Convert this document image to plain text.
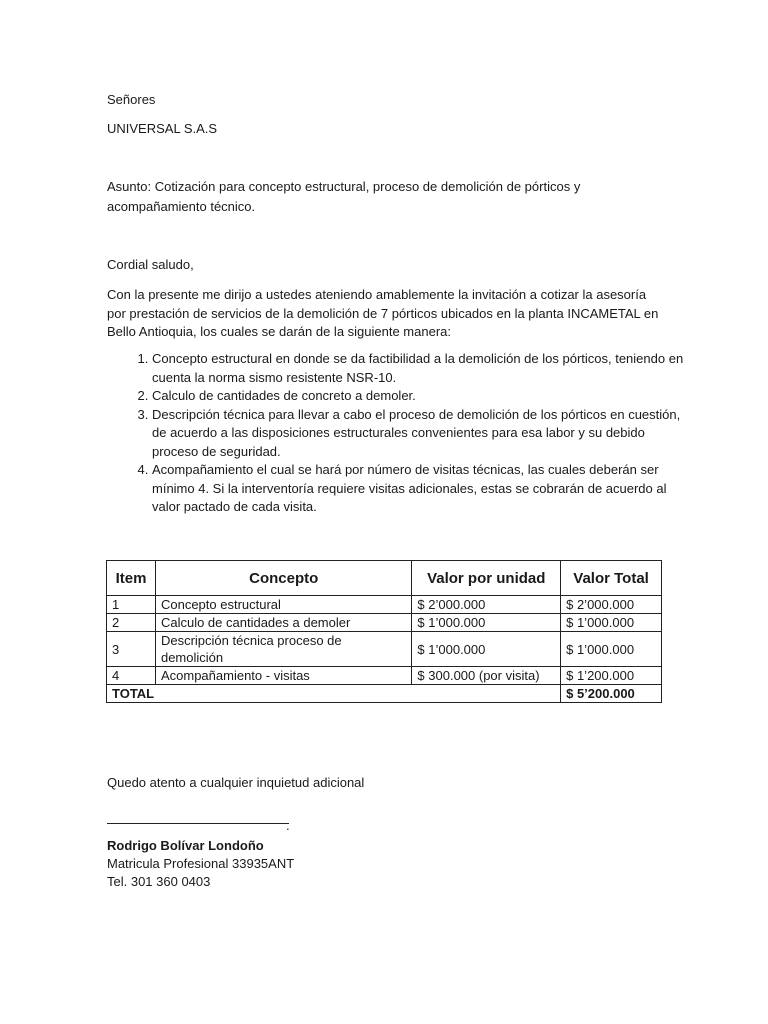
Señores

UNIVERSAL S.A.S

Asunto: Cotización para concepto estructural, proceso de demolición de pórticos y

acompañamiento técnico.

Cordial saludo,

Con la presente me dirijo a ustedes ateniendo amablemente la invitación a cotizar la asesoría por prestación de servicios de la demolición de 7 pórticos ubicados en la planta INCAMETAL en Bello Antioquia, los cuales se darán de la siguiente manera:

1. Concepto estructural en donde se da factibilidad a la demolición de los pórticos, teniendo en cuenta la norma sismo resistente NSR-10.
2. Calculo de cantidades de concreto a demoler.
3. Descripción técnica para llevar a cabo el proceso de demolición de los pórticos en cuestión, de acuerdo a las disposiciones estructurales convenientes para esa labor y su debido proceso de seguridad.
4. Acompañamiento el cual se hará por número de visitas técnicas, las cuales deberán ser mínimo 4. Si la interventoría requiere visitas adicionales, estas se cobrarán de acuerdo al valor pactado de cada visita.
Item	Concepto	Valor por unidad	Valor Total
1	Concepto estructural	$ 2’000.000	$ 2’000.000
2	Calculo de cantidades a demoler	$ 1’000.000	$ 1’000.000
3	Descripción técnica proceso de demolición	$ 1’000.000	$ 1’000.000
4	Acompañamiento - visitas	$ 300.000 (por visita)	$ 1’200.000
TOTAL			$ 5’200.000

Quedo atento a cualquier inquietud adicional

.

Rodrigo Bolívar Londoño

Matricula Profesional 33935ANT

Tel. 301 360 0403
